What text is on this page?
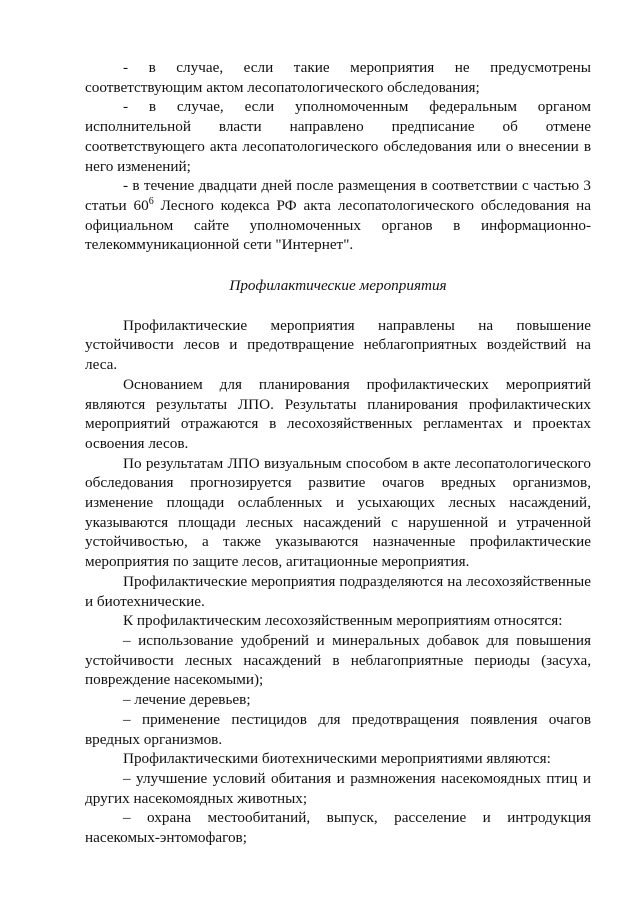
- в случае, если такие мероприятия не предусмотрены соответствующим актом лесопатологического обследования;

- в случае, если уполномоченным федеральным органом исполнительной власти направлено предписание об отмене соответствующего акта лесопатологического обследования или о внесении в него изменений;

- в течение двадцати дней после размещения в соответствии с частью 3 статьи $60^6$ Лесного кодекса РФ акта лесопатологического обследования на официальном сайте уполномоченных органов в информационно-телекоммуникационной сети "Интернет".

Профилактические мероприятия

Профилактические мероприятия направлены на повышение устойчивости лесов и предотвращение неблагоприятных воздействий на леса.

Основанием для планирования профилактических мероприятий являются результаты ЛПО. Результаты планирования профилактических мероприятий отражаются в лесохозяйственных регламентах и проектах освоения лесов.

По результатам ЛПО визуальным способом в акте лесопатологического обследования прогнозируется развитие очагов вредных организмов, изменение площади ослабленных и усыхающих лесных насаждений, указываются площади лесных насаждений с нарушенной и утраченной устойчивостью, а также указываются назначенные профилактические мероприятия по защите лесов, агитационные мероприятия.

Профилактические мероприятия подразделяются на лесохозяйственные и биотехнические.

К профилактическим лесохозяйственным мероприятиям относятся:

– использование удобрений и минеральных добавок для повышения устойчивости лесных насаждений в неблагоприятные периоды (засуха, повреждение насекомыми);

– лечение деревьев;

– применение пестицидов для предотвращения появления очагов вредных организмов.

Профилактическими биотехническими мероприятиями являются:

– улучшение условий обитания и размножения насекомоядных птиц и других насекомоядных животных;

– охрана местообитаний, выпуск, расселение и интродукция насекомых-энтомофагов;
